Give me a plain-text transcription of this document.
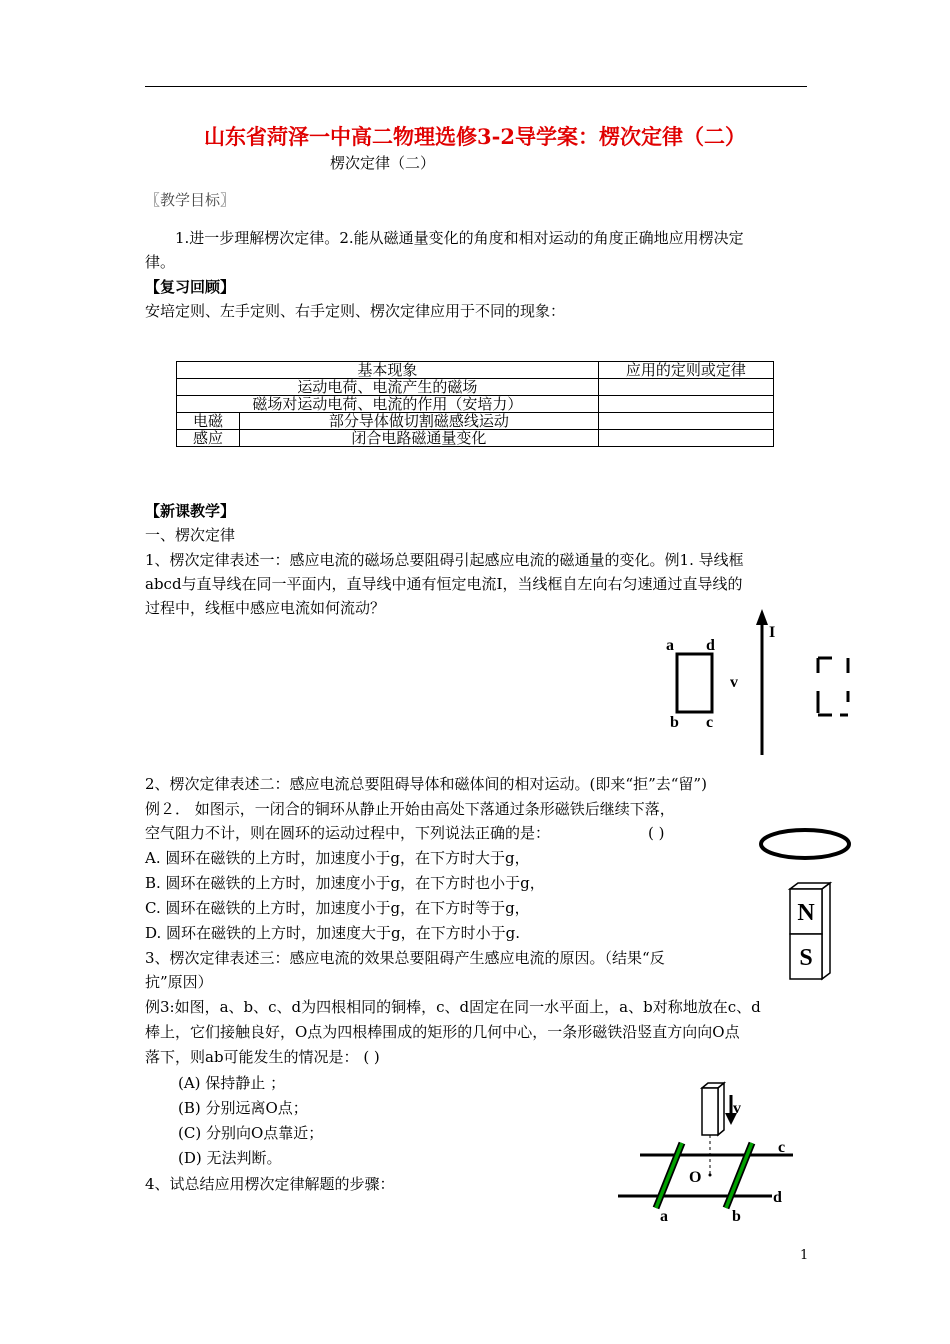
山东省菏泽一中高二物理选修3-2导学案：楞次定律（二）
楞次定律（二）
〖教学目标〗
1.进一步理解楞次定律。2.能从磁通量变化的角度和相对运动的角度正确地应用楞决定
律。
【复习回顾】
安培定则、左手定则、右手定则、楞次定律应用于不同的现象：
基本现象		应用的定则或定律
运动电荷、电流产生的磁场		
磁场对运动电荷、电流的作用（安培力）		
电磁	部分导体做切割磁感线运动	
感应	闭合电路磁通量变化	
【新课教学】
一、楞次定律
1、楞次定律表述一：感应电流的磁场总要阻碍引起感应电流的磁通量的变化。例1. 导线框
abcd与直导线在同一平面内，直导线中通有恒定电流I，当线框自左向右匀速通过直导线的
过程中，线框中感应电流如何流动？
a d
b c
v
I
2、楞次定律表述二：感应电流总要阻碍导体和磁体间的相对运动。(即来“拒”去“留”)
例２． 如图示，一闭合的铜环从静止开始由高处下落通过条形磁铁后继续下落，
空气阻力不计，则在圆环的运动过程中，下列说法正确的是：	( )
A. 圆环在磁铁的上方时，加速度小于g，在下方时大于g，
B. 圆环在磁铁的上方时，加速度小于g，在下方时也小于g，
C. 圆环在磁铁的上方时，加速度小于g，在下方时等于g，
D. 圆环在磁铁的上方时，加速度大于g，在下方时小于g.
N
S
3、楞次定律表述三：感应电流的效果总要阻碍产生感应电流的原因。（结果“反
抗”原因）
例3:如图，a、b、c、d为四根相同的铜棒，c、d固定在同一水平面上，a、b对称地放在c、d
棒上，它们接触良好，O点为四根棒围成的矩形的几何中心，一条形磁铁沿竖直方向向O点
落下，则ab可能发生的情况是： ( )
(A) 保持静止 ；
(B) 分别远离O点；
(C) 分别向O点靠近；
(D) 无法判断。
4、试总结应用楞次定律解题的步骤：
v
c
d
O
a	b
1
